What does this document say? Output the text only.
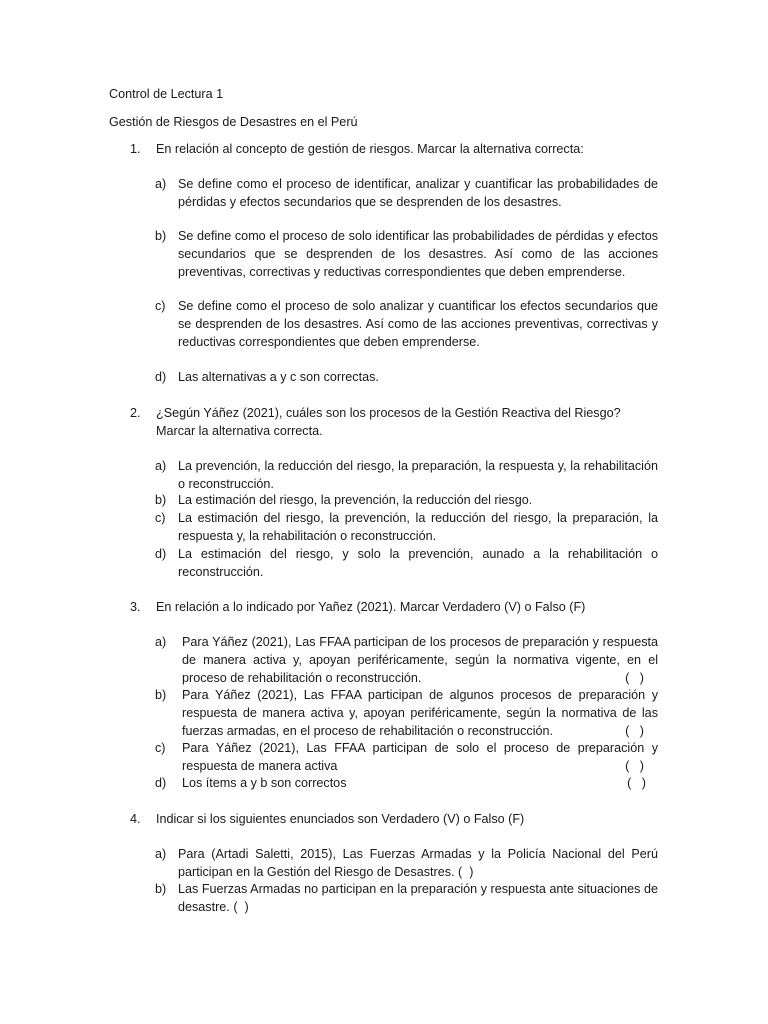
Control de Lectura 1
Gestión de Riesgos de Desastres en el Perú
1. En relación al concepto de gestión de riesgos. Marcar la alternativa correcta:
a) Se define como el proceso de identificar, analizar y cuantificar las probabilidades de pérdidas y efectos secundarios que se desprenden de los desastres.
b) Se define como el proceso de solo identificar las probabilidades de pérdidas y efectos secundarios que se desprenden de los desastres. Así como de las acciones preventivas, correctivas y reductivas correspondientes que deben emprenderse.
c) Se define como el proceso de solo analizar y cuantificar los efectos secundarios que se desprenden de los desastres. Así como de las acciones preventivas, correctivas y reductivas correspondientes que deben emprenderse.
d) Las alternativas a y c son correctas.
2. ¿Según Yáñez (2021), cuáles son los procesos de la Gestión Reactiva del Riesgo? Marcar la alternativa correcta.
a) La prevención, la reducción del riesgo, la preparación, la respuesta y, la rehabilitación o reconstrucción.
b) La estimación del riesgo, la prevención, la reducción del riesgo.
c) La estimación del riesgo, la prevención, la reducción del riesgo, la preparación, la respuesta y, la rehabilitación o reconstrucción.
d) La estimación del riesgo, y solo la prevención, aunado a la rehabilitación o reconstrucción.
3. En relación a lo indicado por Yañez (2021). Marcar Verdadero (V) o Falso (F)
a) Para Yáñez (2021), Las FFAA participan de los procesos de preparación y respuesta de manera activa y, apoyan periféricamente, según la normativa vigente, en el proceso de rehabilitación o reconstrucción.	(   )
b) Para Yáñez (2021), Las FFAA participan de algunos procesos de preparación y respuesta de manera activa y, apoyan periféricamente, según la normativa de las fuerzas armadas, en el proceso de rehabilitación o reconstrucción.	(   )
c) Para Yáñez (2021), Las FFAA participan de solo el proceso de preparación y respuesta de manera activa	(   )
d) Los ítems a y b son correctos	(   )
4. Indicar si los siguientes enunciados son Verdadero (V) o Falso (F)
a) Para (Artadi Saletti, 2015), Las Fuerzas Armadas y la Policía Nacional del Perú participan en la Gestión del Riesgo de Desastres. (  )
b) Las Fuerzas Armadas no participan en la preparación y respuesta ante situaciones de desastre. (  )
